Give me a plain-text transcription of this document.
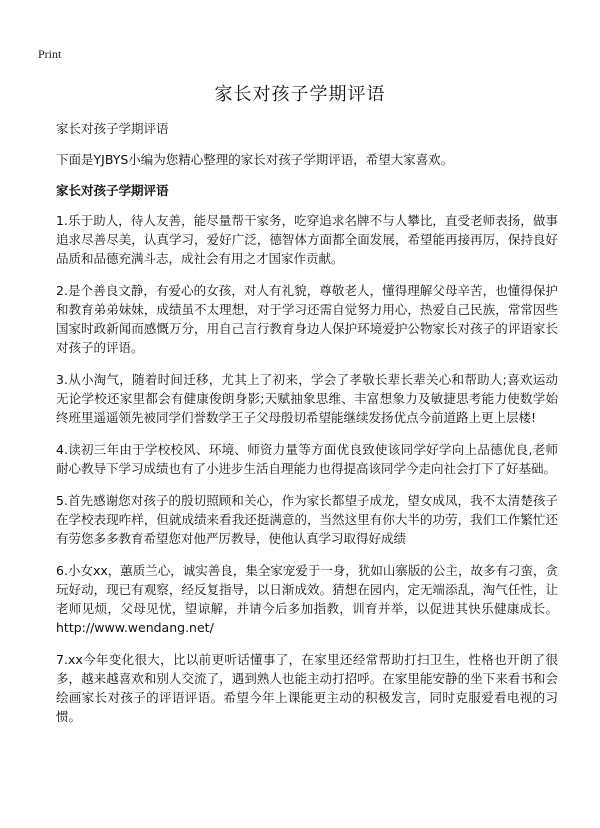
Print
家长对孩子学期评语

家长对孩子学期评语

下面是YJBYS小编为您精心整理的家长对孩子学期评语，希望大家喜欢。

家长对孩子学期评语

1.乐于助人，待人友善，能尽量帮干家务，吃穿追求名牌不与人攀比，直受老师表扬，做事追求尽善尽美，认真学习，爱好广泛，德智体方面都全面发展，希望能再接再厉，保持良好品质和品德充满斗志，成社会有用之才国家作贡献。

2.是个善良文静，有爱心的女孩，对人有礼貌，尊敬老人，懂得理解父母辛苦，也懂得保护和教育弟弟妹妹，成绩虽不太理想，对于学习还需自觉努力用心，热爱自己民族，常常因些国家时政新闻而感慨万分，用自己言行教育身边人保护环境爱护公物家长对孩子的评语家长对孩子的评语。

3.从小淘气，随着时间迁移，尤其上了初来，学会了孝敬长辈长辈关心和帮助人;喜欢运动无论学校还家里都会有健康俊朗身影;天赋抽象思维、丰富想象力及敏捷思考能力使数学始终班里遥遥领先被同学们誉数学王子父母殷切希望能继续发扬优点今前道路上更上层楼!

4.读初三年由于学校校风、环境、师资力量等方面优良致使该同学好学向上品德优良,老师耐心教导下学习成绩也有了小进步生活自理能力也得提高该同学今走向社会打下了好基础。

5.首先感谢您对孩子的殷切照顾和关心，作为家长都望子成龙，望女成凤，我不太清楚孩子在学校表现咋样，但就成绩来看我还挺满意的，当然这里有你大半的功劳，我们工作繁忙还有劳您多多教育希望您对他严厉教导，使他认真学习取得好成绩

6.小女xx，蕙质兰心，诚实善良，集全家宠爱于一身，犹如山寨版的公主，故多有刁蛮，贪玩好动，现已有观察，经反复指导，以日渐成效。猜想在园内，定无端添乱，淘气任性，让老师见烦，父母见忧，望谅解，并请今后多加指教，训育并举，以促进其快乐健康成长。http://www.wendang.net/

7.xx今年变化很大，比以前更听话懂事了，在家里还经常帮助打扫卫生，性格也开朗了很多，越来越喜欢和别人交流了，遇到熟人也能主动打招呼。在家里能安静的坐下来看书和会绘画家长对孩子的评语评语。希望今年上课能更主动的积极发言，同时克服爱看电视的习惯。
